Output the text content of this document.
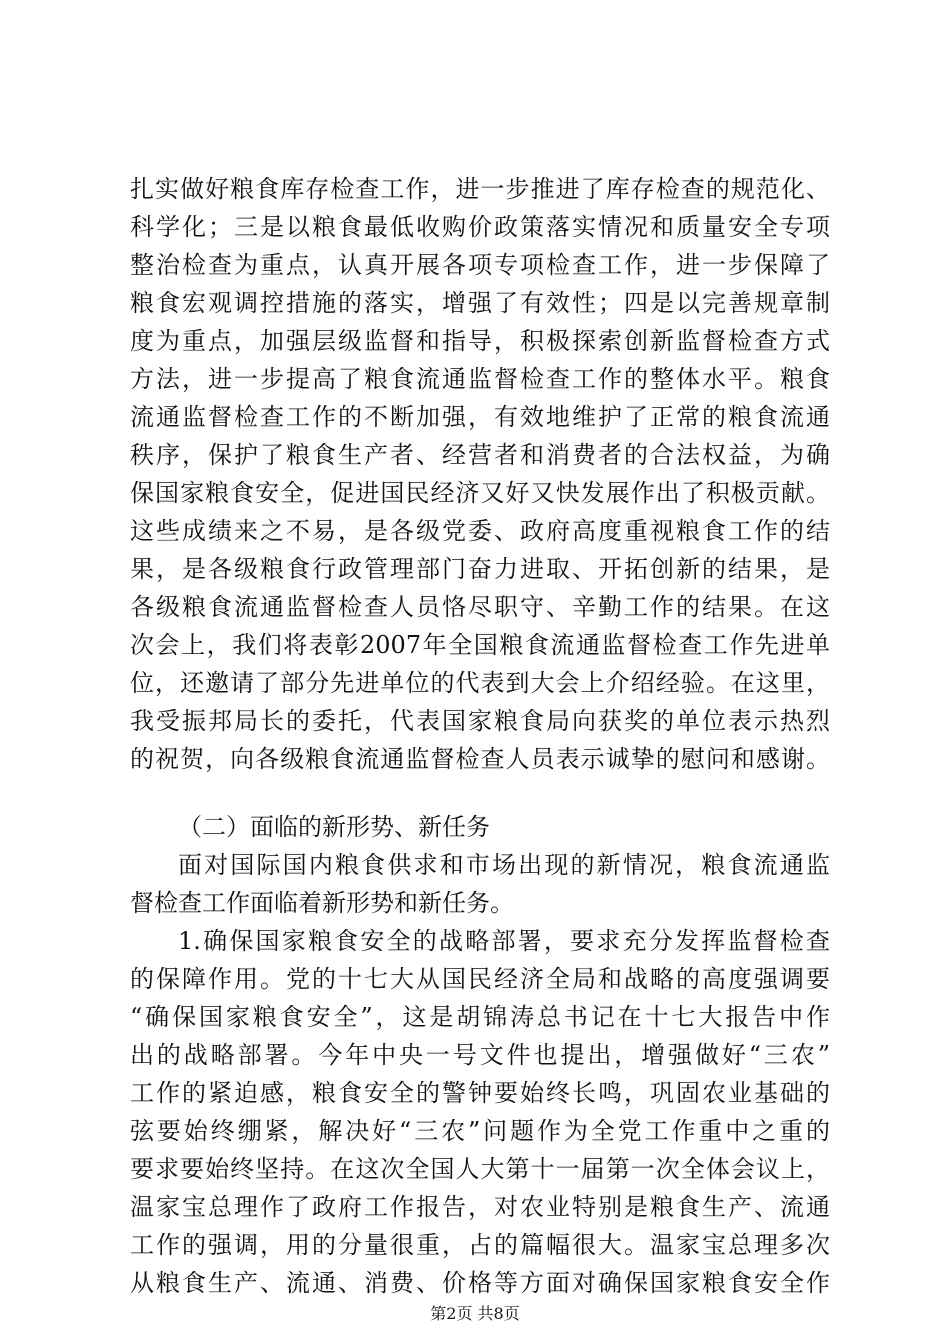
扎实做好粮食库存检查工作，进一步推进了库存检查的规范化、
科学化；三是以粮食最低收购价政策落实情况和质量安全专项
整治检查为重点，认真开展各项专项检查工作，进一步保障了
粮食宏观调控措施的落实，增强了有效性；四是以完善规章制
度为重点，加强层级监督和指导，积极探索创新监督检查方式
方法，进一步提高了粮食流通监督检查工作的整体水平。粮食
流通监督检查工作的不断加强，有效地维护了正常的粮食流通
秩序，保护了粮食生产者、经营者和消费者的合法权益，为确
保国家粮食安全，促进国民经济又好又快发展作出了积极贡献。
这些成绩来之不易，是各级党委、政府高度重视粮食工作的结
果，是各级粮食行政管理部门奋力进取、开拓创新的结果，是
各级粮食流通监督检查人员恪尽职守、辛勤工作的结果。在这
次会上，我们将表彰2007年全国粮食流通监督检查工作先进单
位，还邀请了部分先进单位的代表到大会上介绍经验。在这里，
我受振邦局长的委托，代表国家粮食局向获奖的单位表示热烈
的祝贺，向各级粮食流通监督检查人员表示诚挚的慰问和感谢。
（二）面临的新形势、新任务
面对国际国内粮食供求和市场出现的新情况，粮食流通监
督检查工作面临着新形势和新任务。
1.确保国家粮食安全的战略部署，要求充分发挥监督检查
的保障作用。党的十七大从国民经济全局和战略的高度强调要
“确保国家粮食安全”，这是胡锦涛总书记在十七大报告中作
出的战略部署。今年中央一号文件也提出，增强做好“三农”
工作的紧迫感，粮食安全的警钟要始终长鸣，巩固农业基础的
弦要始终绷紧，解决好“三农”问题作为全党工作重中之重的
要求要始终坚持。在这次全国人大第十一届第一次全体会议上，
温家宝总理作了政府工作报告，对农业特别是粮食生产、流通
工作的强调，用的分量很重，占的篇幅很大。温家宝总理多次
从粮食生产、流通、消费、价格等方面对确保国家粮食安全作
第2页 共8页
